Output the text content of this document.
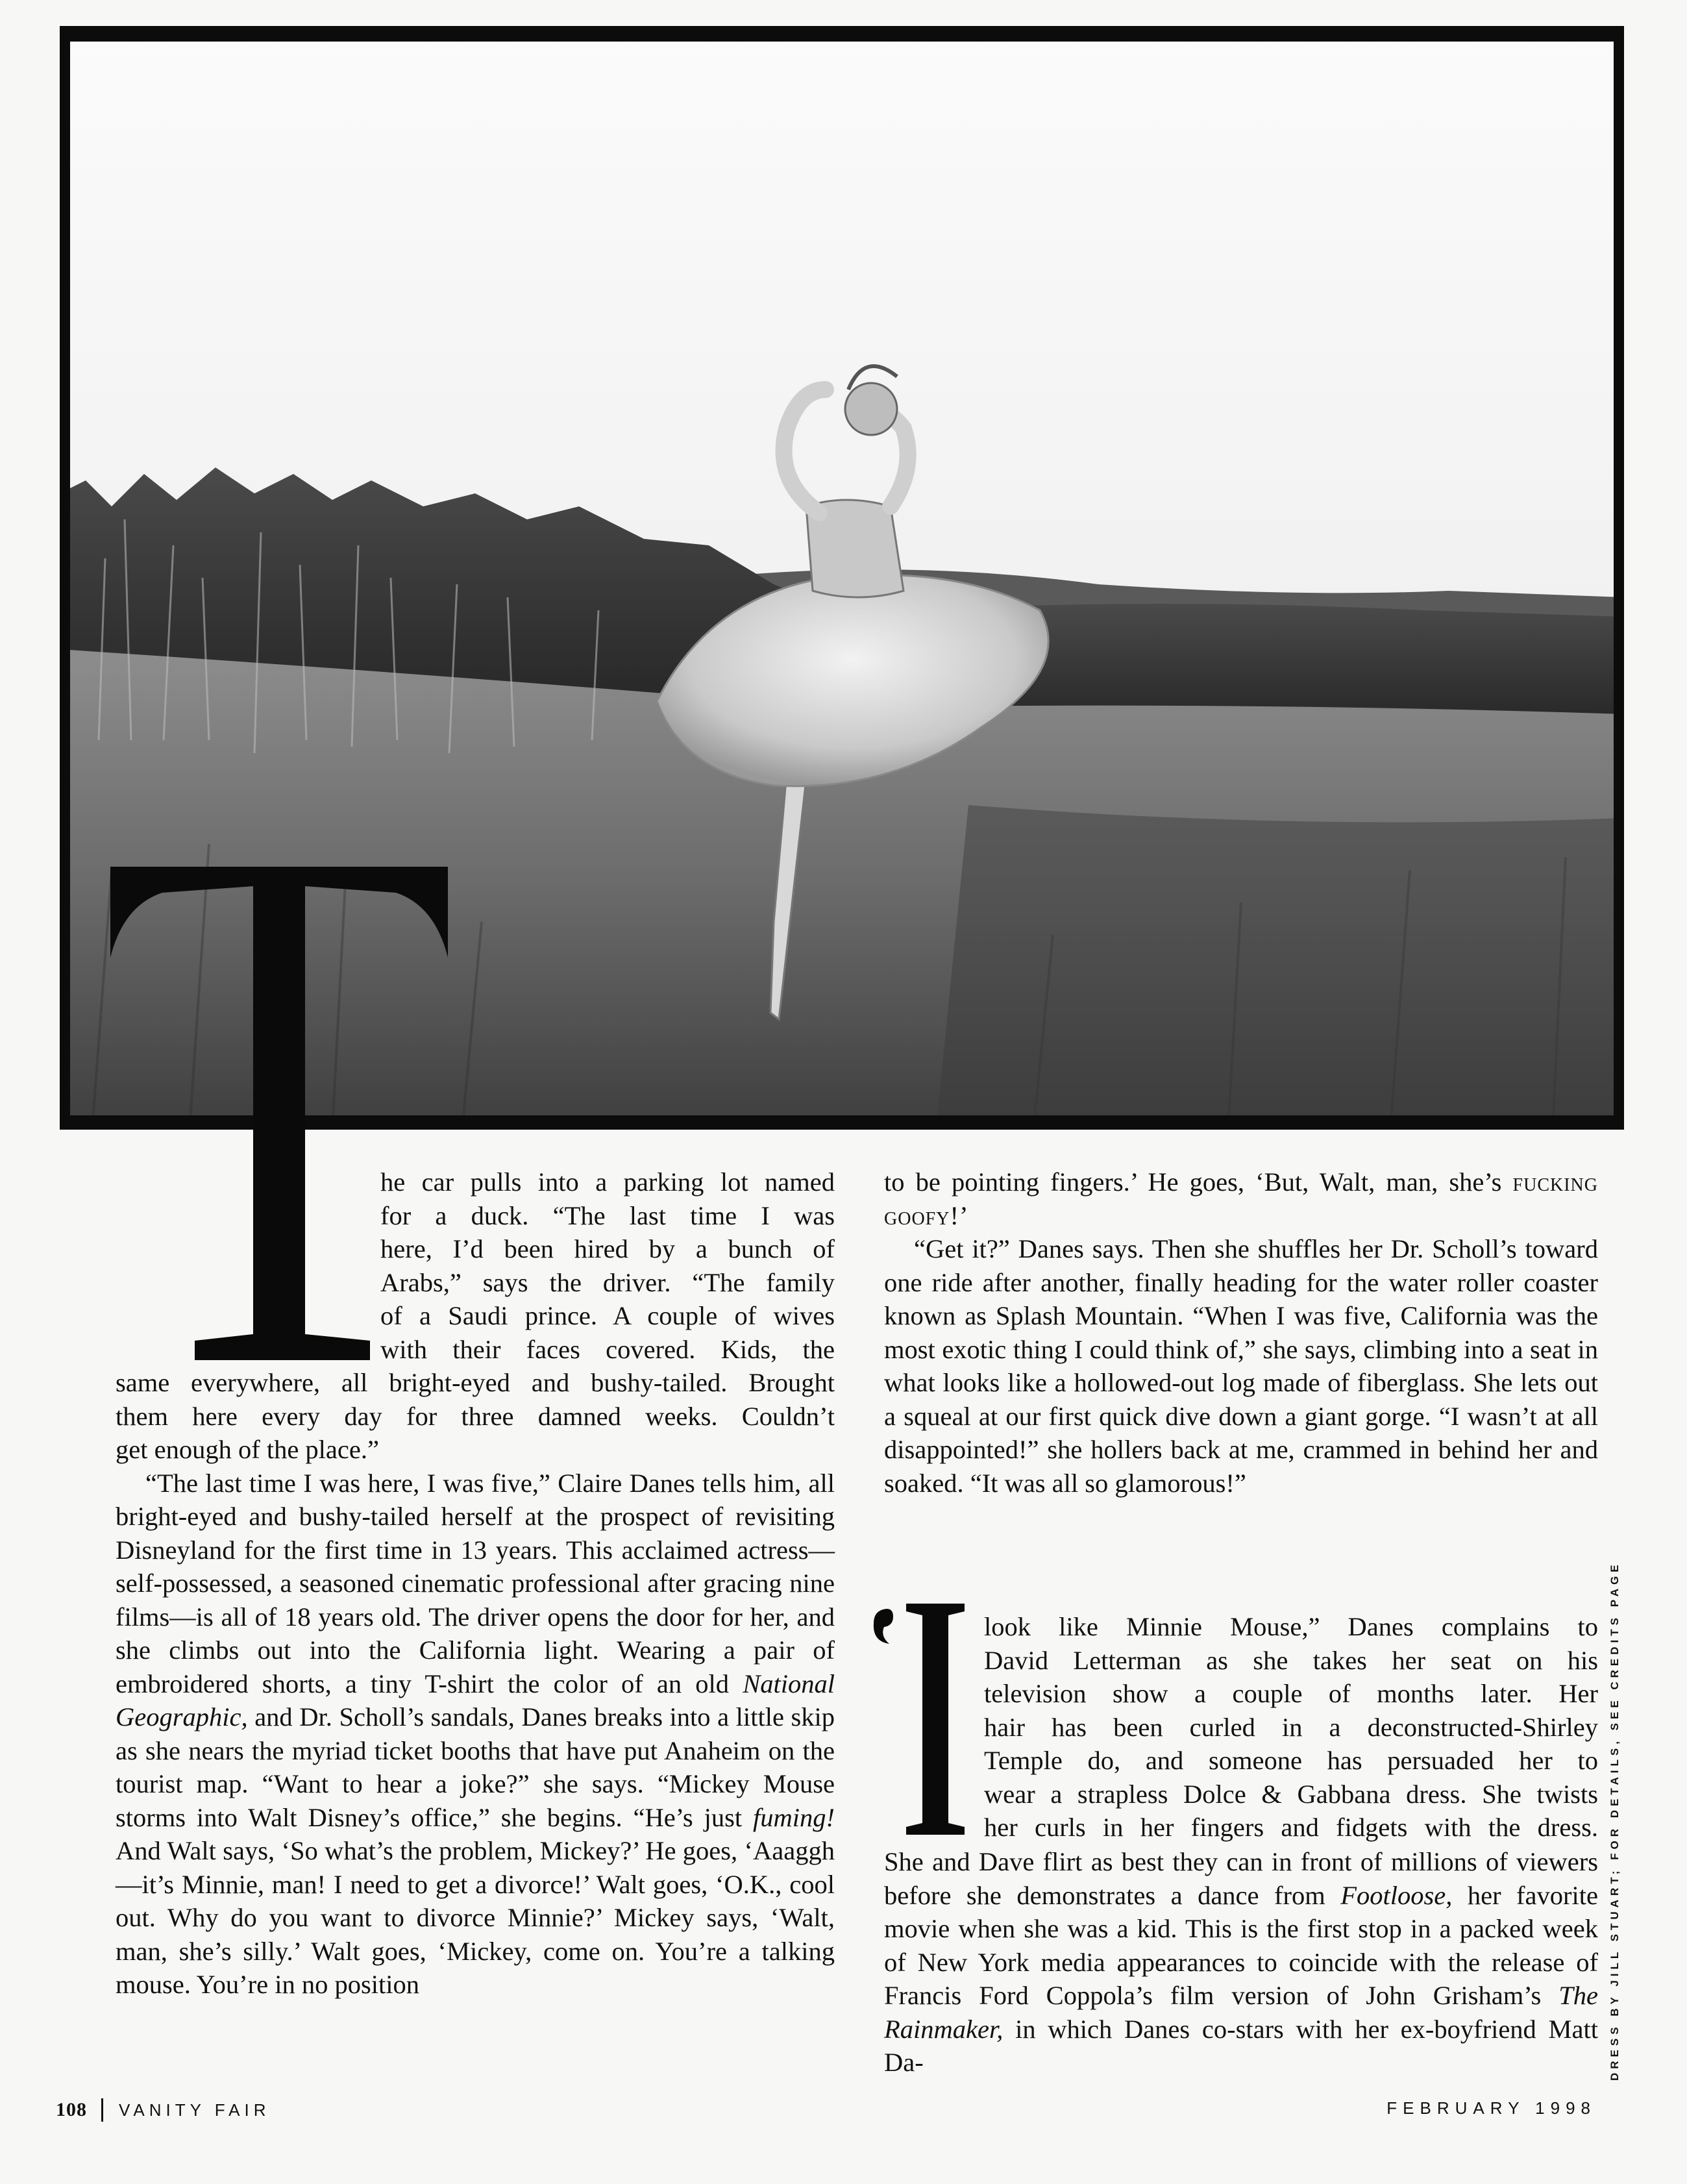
he car pulls into a parking lot named
for a duck. “The last time I was
here, I’d been hired by a bunch of
Arabs,” says the driver. “The family
of a Saudi prince. A couple of wives
with their faces covered. Kids, the
same everywhere, all bright-eyed and bushy-tailed. Brought
them here every day for three damned weeks. Couldn’t
get enough of the place.”

“The last time I was here, I was five,” Claire Danes tells him, all bright-eyed and bushy-tailed herself at the prospect of revisiting Disneyland for the first time in 13 years. This acclaimed actress—self-possessed, a seasoned cinematic professional after gracing nine films—is all of 18 years old. The driver opens the door for her, and she climbs out into the California light. Wearing a pair of embroidered shorts, a tiny T-shirt the color of an old National Geographic, and Dr. Scholl’s sandals, Danes breaks into a little skip as she nears the myriad ticket booths that have put Anaheim on the tourist map. “Want to hear a joke?” she says. “Mickey Mouse storms into Walt Disney’s office,” she begins. “He’s just fuming! And Walt says, ‘So what’s the problem, Mickey?’ He goes, ‘Aaaggh—it’s Minnie, man! I need to get a divorce!’ Walt goes, ‘O.K., cool out. Why do you want to divorce Minnie?’ Mickey says, ‘Walt, man, she’s silly.’ Walt goes, ‘Mickey, come on. You’re a talking mouse. You’re in no position

to be pointing fingers.’ He goes, ‘But, Walt, man, she’s fucking goofy!’

“Get it?” Danes says. Then she shuffles her Dr. Scholl’s toward one ride after another, finally heading for the water roller coaster known as Splash Mountain. “When I was five, California was the most exotic thing I could think of,” she says, climbing into a seat in what looks like a hollowed-out log made of fiberglass. She lets out a squeal at our first quick dive down a giant gorge. “I wasn’t at all disappointed!” she hollers back at me, crammed in behind her and soaked. “It was all so glamorous!”

I
look like Minnie Mouse,” Danes complains to
David Letterman as she takes her seat on his
television show a couple of months later. Her
hair has been curled in a deconstructed-Shirley
Temple do, and someone has persuaded her to
wear a strapless Dolce & Gabbana dress. She twists
her curls in her fingers and fidgets with the dress.

She and Dave flirt as best they can in front of millions of viewers before she demonstrates a dance from Footloose, her favorite movie when she was a kid. This is the first stop in a packed week of New York media appearances to coincide with the release of Francis Ford Coppola’s film version of John Grisham’s The Rainmaker, in which Danes co-stars with her ex-boyfriend Matt Da-	DRESS BY JILL STUART; FOR DETAILS, SEE CREDITS PAGE
108 VANITY FAIR	FEBRUARY 1998
